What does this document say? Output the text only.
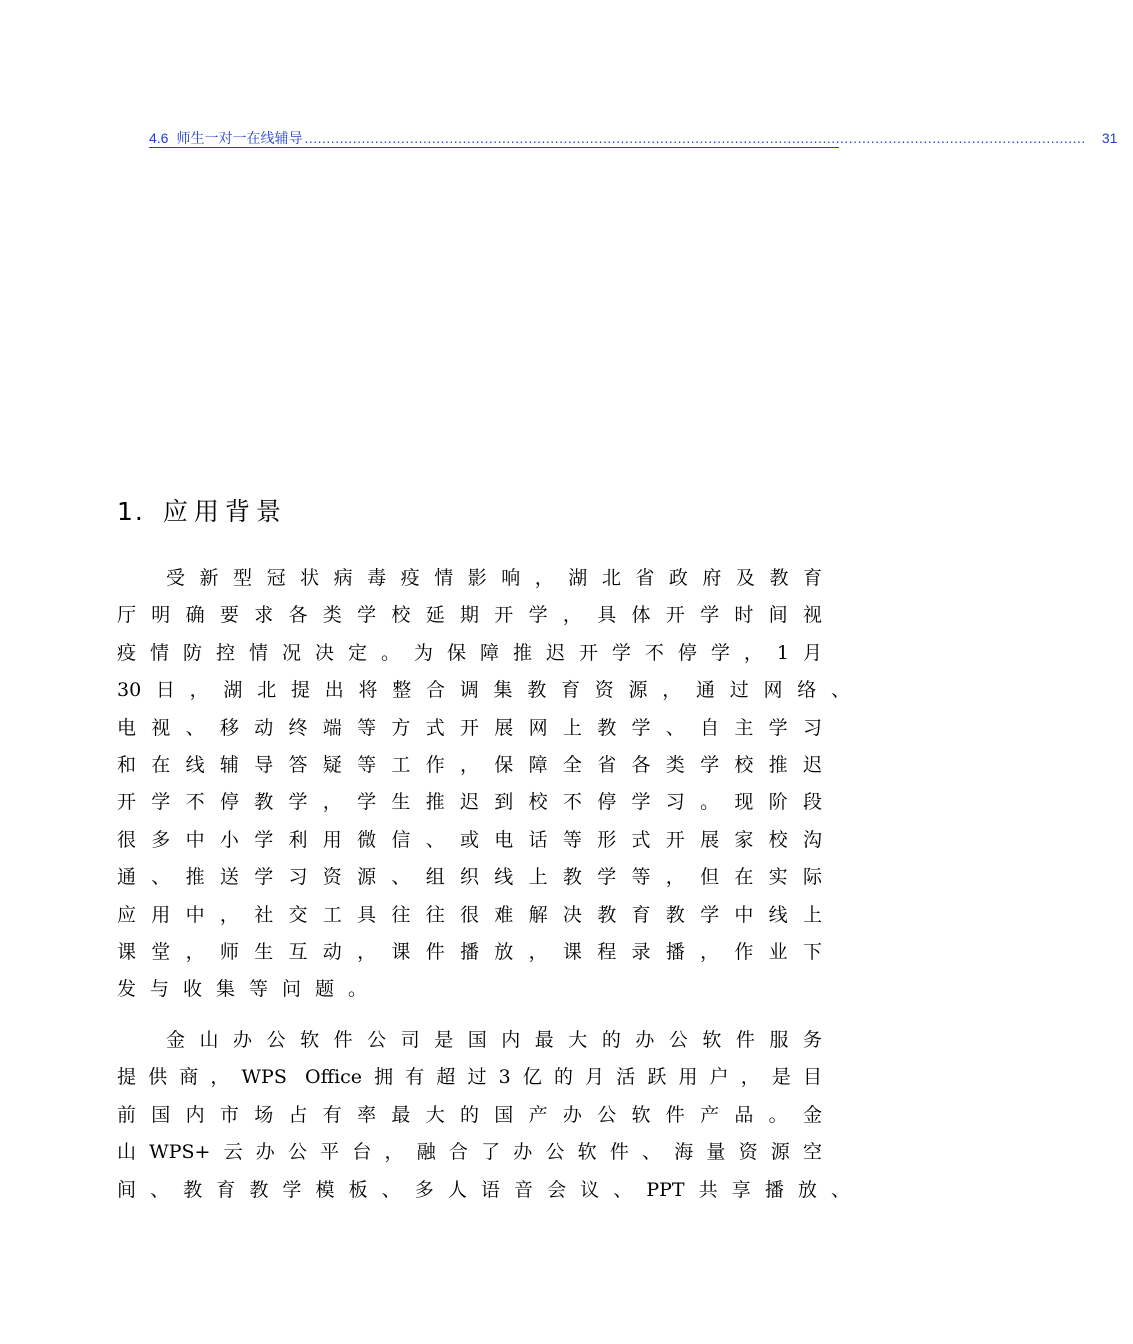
4.6 师生一对一在线辅导 ..................................................................................................................................................................................	31
1. 应用背景
受新型冠状病毒疫情影响，湖北省政府及教育
厅明确要求各类学校延期开学，具体开学时间视
疫情防控情况决定。为保障推迟开学不停学，1月
30日，湖北提出将整合调集教育资源，通过网络、
电视、移动终端等方式开展网上教学、自主学习
和在线辅导答疑等工作，保障全省各类学校推迟
开学不停教学，学生推迟到校不停学习。现阶段
很多中小学利用微信、或电话等形式开展家校沟
通、推送学习资源、组织线上教学等，但在实际
应用中，社交工具往往很难解决教育教学中线上
课堂，师生互动，课件播放，课程录播，作业下
发与收集等问题。
金山办公软件公司是国内最大的办公软件服务
提供商，WPS Office拥有超过3亿的月活跃用户，是目
前国内市场占有率最大的国产办公软件产品。金
山WPS+云办公平台，融合了办公软件、海量资源空
间、教育教学模板、多人语音会议、PPT共享播放、
